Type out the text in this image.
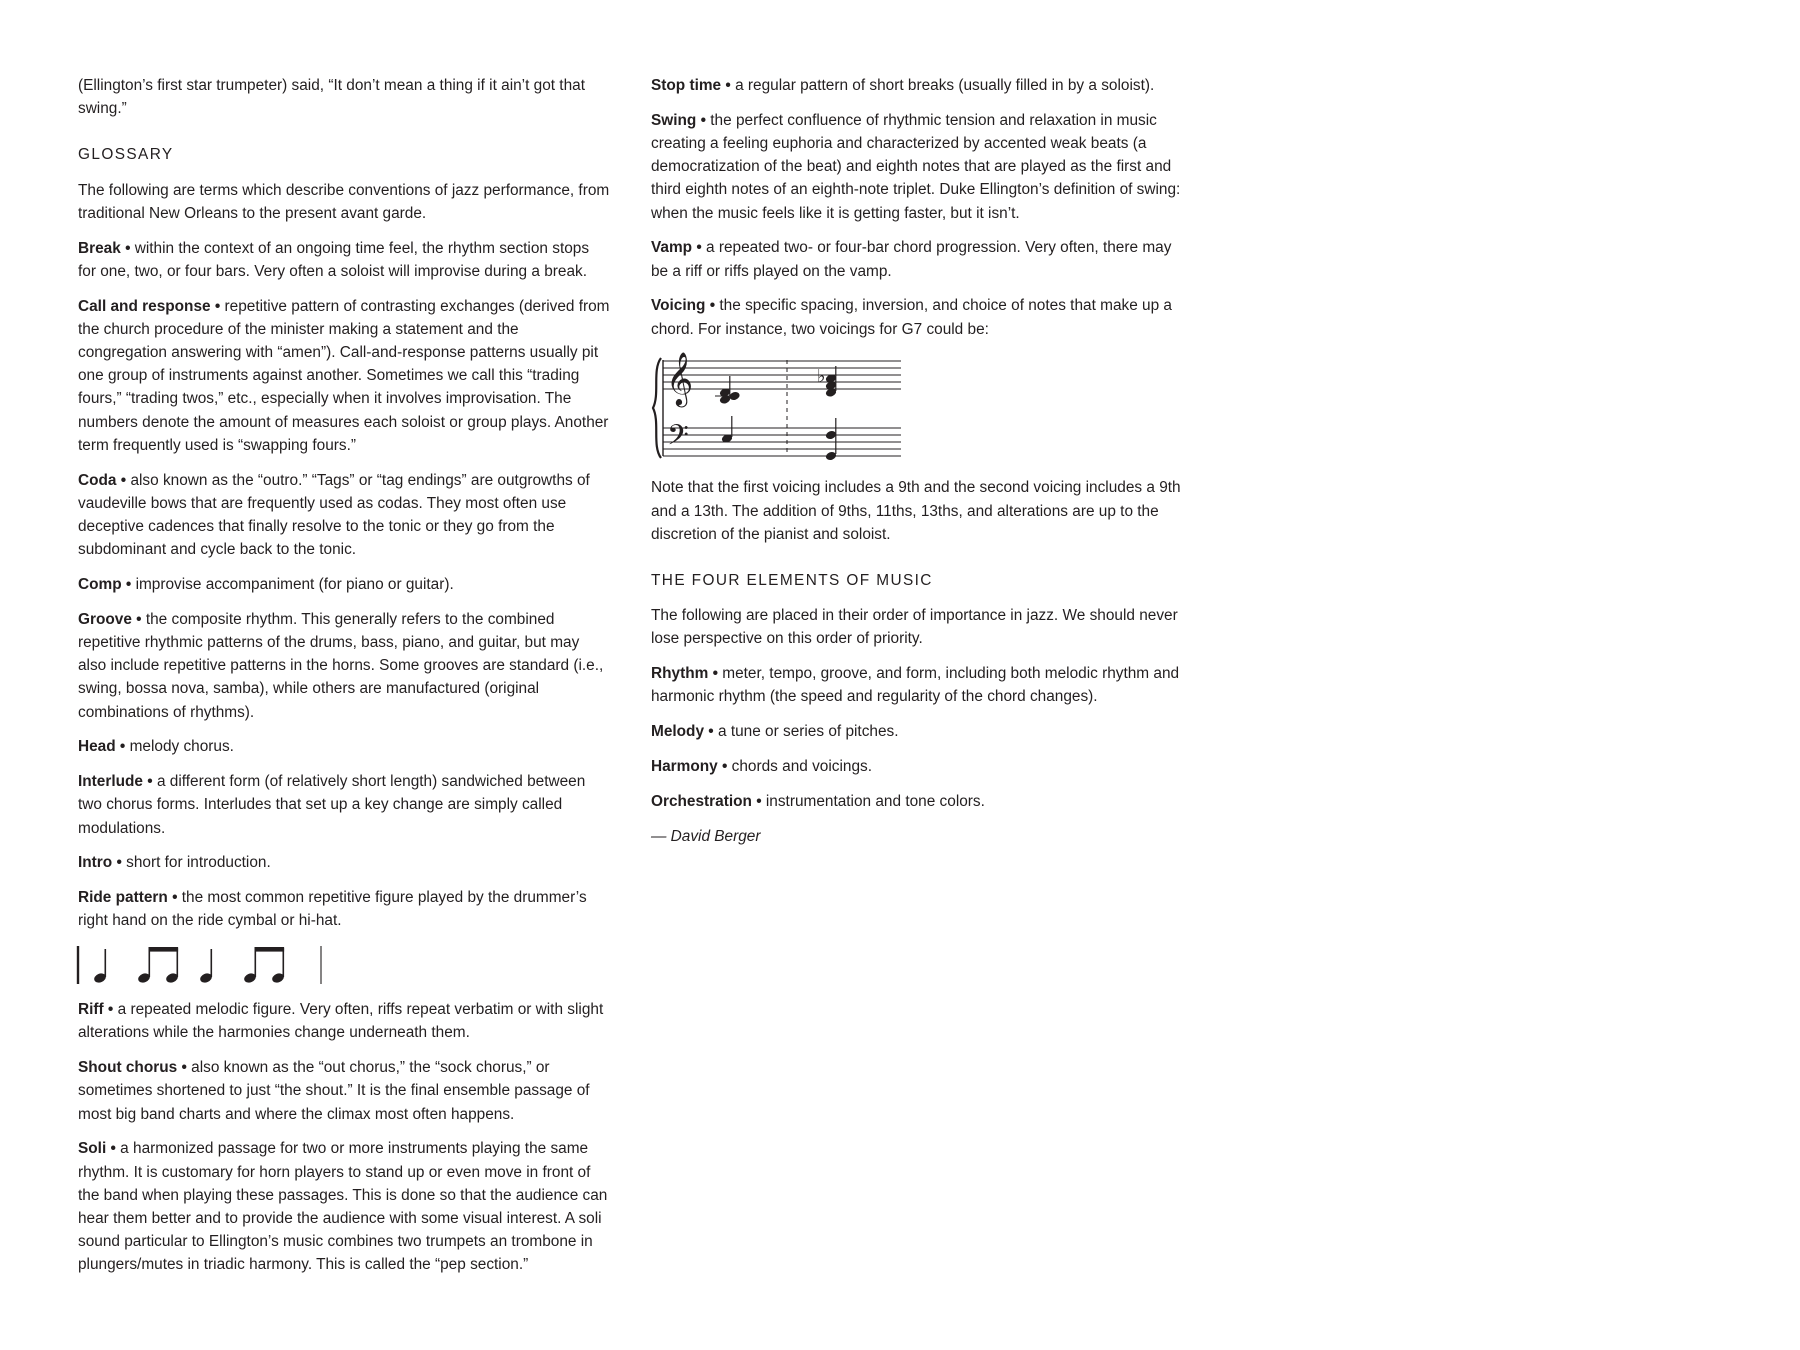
(Ellington’s first star trumpeter) said, “It don’t mean a thing if it ain’t got that swing.”

GLOSSARY

The following are terms which describe conventions of jazz performance, from traditional New Orleans to the present avant garde.

Break • within the context of an ongoing time feel, the rhythm section stops for one, two, or four bars. Very often a soloist will improvise during a break.

Call and response • repetitive pattern of contrasting exchanges (derived from the church procedure of the minister making a statement and the congregation answering with “amen”). Call-and-response patterns usually pit one group of instruments against another. Sometimes we call this “trading fours,” “trading twos,” etc., especially when it involves improvisation. The numbers denote the amount of measures each soloist or group plays. Another term frequently used is “swapping fours.”

Coda • also known as the “outro.” “Tags” or “tag endings” are outgrowths of vaudeville bows that are frequently used as codas. They most often use deceptive cadences that finally resolve to the tonic or they go from the subdominant and cycle back to the tonic.

Comp • improvise accompaniment (for piano or guitar).

Groove • the composite rhythm. This generally refers to the combined repetitive rhythmic patterns of the drums, bass, piano, and guitar, but may also include repetitive patterns in the horns. Some grooves are standard (i.e., swing, bossa nova, samba), while others are manufactured (original combinations of rhythms).

Head • melody chorus.

Interlude • a different form (of relatively short length) sandwiched between two chorus forms. Interludes that set up a key change are simply called modulations.

Intro • short for introduction.

Ride pattern • the most common repetitive figure played by the drummer’s right hand on the ride cymbal or hi-hat.

Riff • a repeated melodic figure. Very often, riffs repeat verbatim or with slight alterations while the harmonies change underneath them.

Shout chorus • also known as the “out chorus,” the “sock chorus,” or sometimes shortened to just “the shout.” It is the final ensemble passage of most big band charts and where the climax most often happens.

Soli • a harmonized passage for two or more instruments playing the same rhythm. It is customary for horn players to stand up or even move in front of the band when playing these passages. This is done so that the audience can hear them better and to provide the audience with some visual interest. A soli sound particular to Ellington’s music combines two trumpets an trombone in plungers/mutes in triadic harmony. This is called the “pep section.”

Stop time • a regular pattern of short breaks (usually filled in by a soloist).

Swing • the perfect confluence of rhythmic tension and relaxation in music creating a feeling euphoria and characterized by accented weak beats (a democratization of the beat) and eighth notes that are played as the first and third eighth notes of an eighth-note triplet. Duke Ellington’s definition of swing: when the music feels like it is getting faster, but it isn’t.

Vamp • a repeated two- or four-bar chord progression. Very often, there may be a riff or riffs played on the vamp.

Voicing • the specific spacing, inversion, and choice of notes that make up a chord. For instance, two voicings for G7 could be:

𝄞
𝄢
♭

Note that the first voicing includes a 9th and the second voicing includes a 9th and a 13th. The addition of 9ths, 11ths, 13ths, and alterations are up to the discretion of the pianist and soloist.

THE FOUR ELEMENTS OF MUSIC

The following are placed in their order of importance in jazz. We should never lose perspective on this order of priority.

Rhythm • meter, tempo, groove, and form, including both melodic rhythm and harmonic rhythm (the speed and regularity of the chord changes).

Melody • a tune or series of pitches.

Harmony • chords and voicings.

Orchestration • instrumentation and tone colors.

— David Berger
